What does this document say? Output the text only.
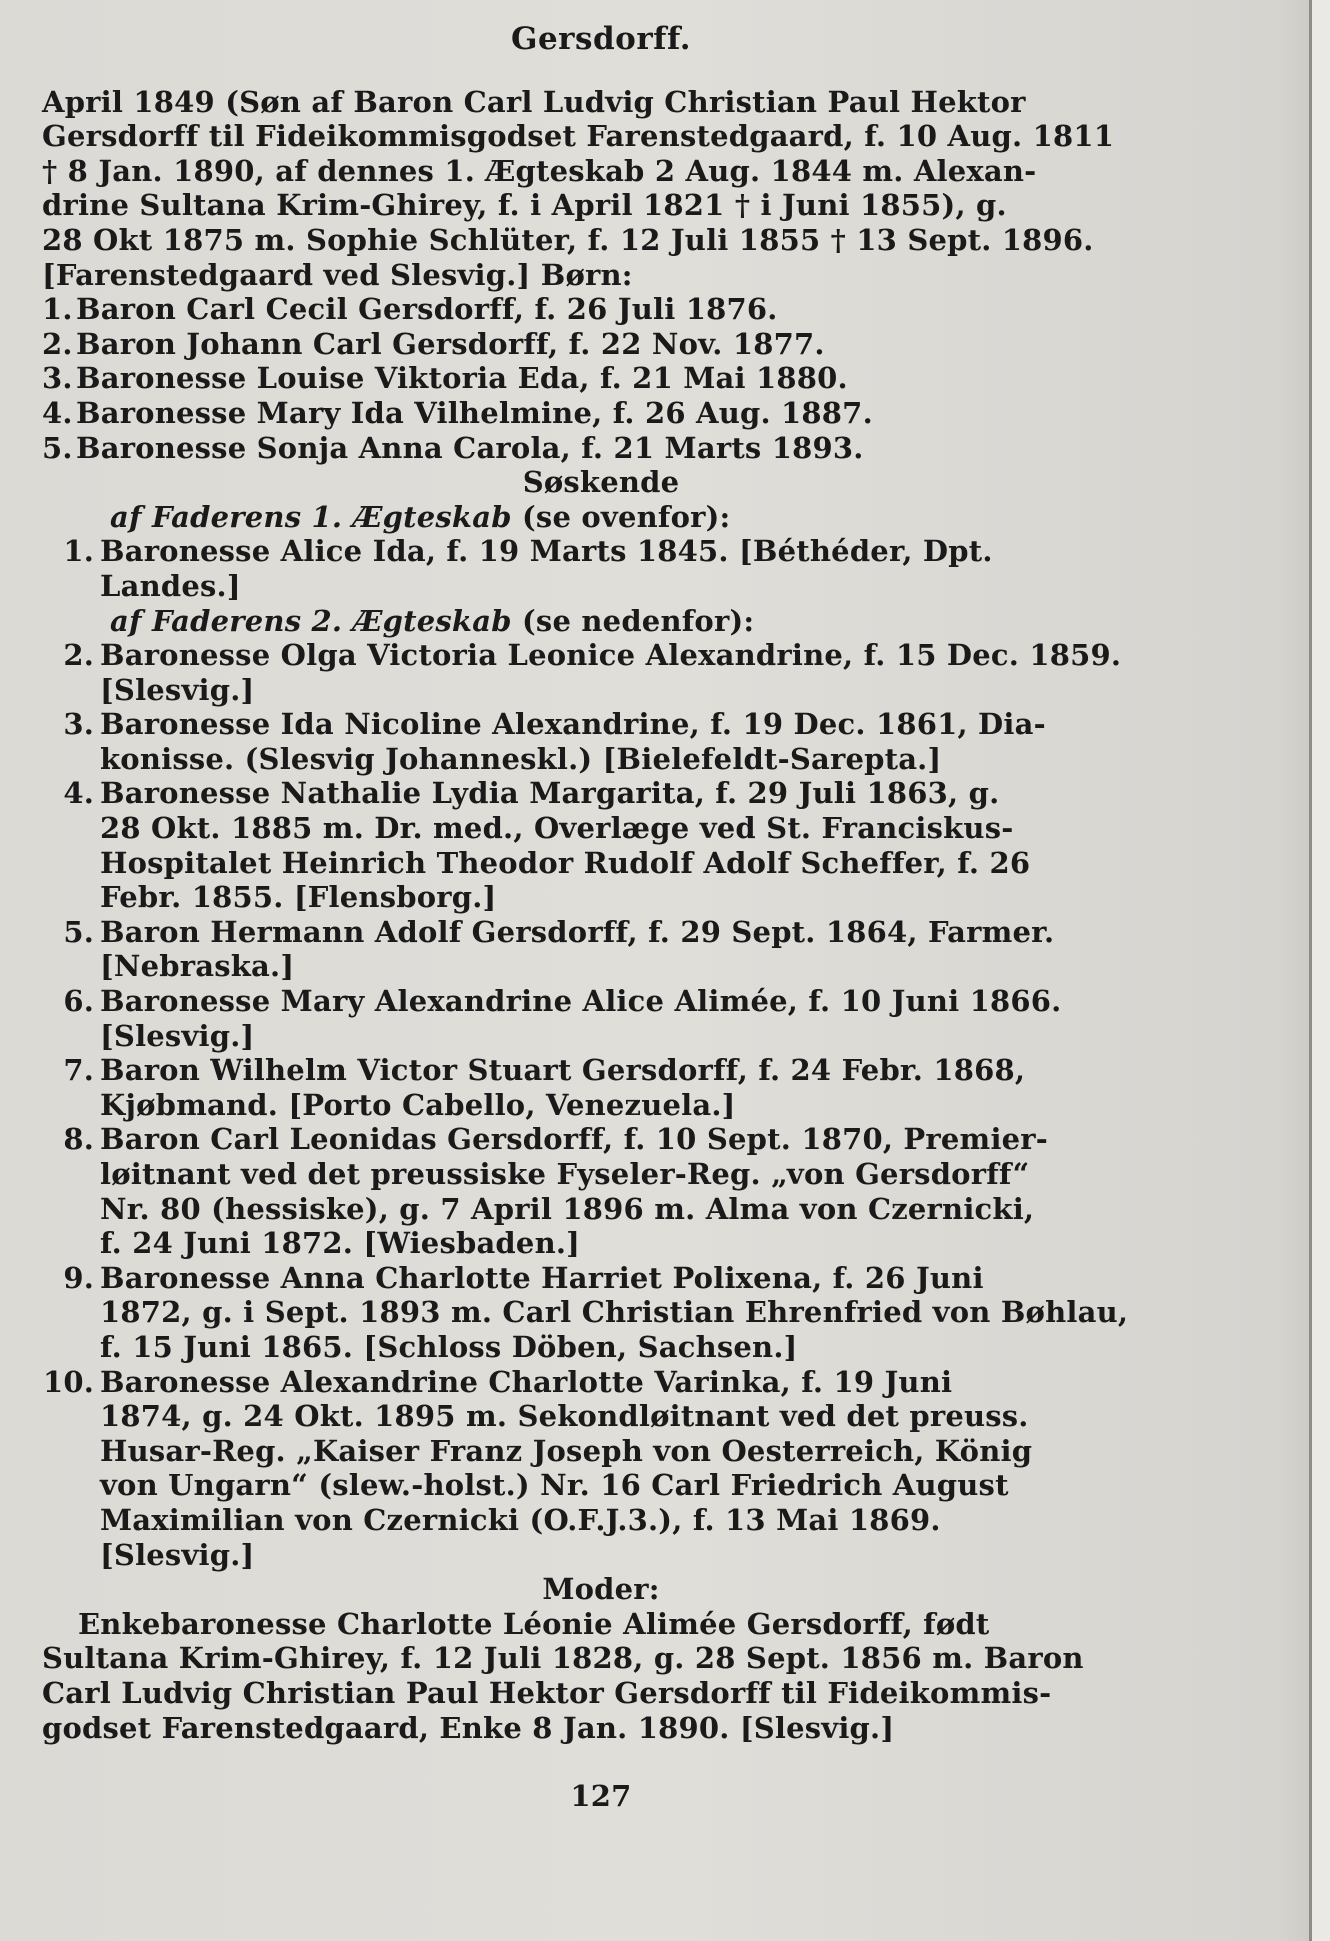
Gersdorff.
April 1849 (Søn af Baron Carl Ludvig Christian Paul Hektor
Gersdorff til Fideikommisgodset Farenstedgaard, f. 10 Aug. 1811
† 8 Jan. 1890, af dennes 1. Ægteskab 2 Aug. 1844 m. Alexan-
drine Sultana Krim-Ghirey, f. i April 1821 † i Juni 1855), g.
28 Okt 1875 m. Sophie Schlüter, f. 12 Juli 1855 † 13 Sept. 1896.
[Farenstedgaard ved Slesvig.] Børn:
1. Baron Carl Cecil Gersdorff, f. 26 Juli 1876.
2. Baron Johann Carl Gersdorff, f. 22 Nov. 1877.
3. Baronesse Louise Viktoria Eda, f. 21 Mai 1880.
4. Baronesse Mary Ida Vilhelmine, f. 26 Aug. 1887.
5. Baronesse Sonja Anna Carola, f. 21 Marts 1893.
Søskende
af Faderens 1. Ægteskab (se ovenfor):
1. Baronesse Alice Ida, f. 19 Marts 1845. [Béthéder, Dpt.
Landes.]
af Faderens 2. Ægteskab (se nedenfor):
2. Baronesse Olga Victoria Leonice Alexandrine, f. 15 Dec. 1859.
[Slesvig.]
3. Baronesse Ida Nicoline Alexandrine, f. 19 Dec. 1861, Dia-
konisse. (Slesvig Johanneskl.) [Bielefeldt-Sarepta.]
4. Baronesse Nathalie Lydia Margarita, f. 29 Juli 1863, g.
28 Okt. 1885 m. Dr. med., Overlæge ved St. Franciskus-
Hospitalet Heinrich Theodor Rudolf Adolf Scheffer, f. 26
Febr. 1855. [Flensborg.]
5. Baron Hermann Adolf Gersdorff, f. 29 Sept. 1864, Farmer.
[Nebraska.]
6. Baronesse Mary Alexandrine Alice Alimée, f. 10 Juni 1866.
[Slesvig.]
7. Baron Wilhelm Victor Stuart Gersdorff, f. 24 Febr. 1868,
Kjøbmand. [Porto Cabello, Venezuela.]
8. Baron Carl Leonidas Gersdorff, f. 10 Sept. 1870, Premier-
løitnant ved det preussiske Fyseler-Reg. „von Gersdorff“
Nr. 80 (hessiske), g. 7 April 1896 m. Alma von Czernicki,
f. 24 Juni 1872. [Wiesbaden.]
9. Baronesse Anna Charlotte Harriet Polixena, f. 26 Juni
1872, g. i Sept. 1893 m. Carl Christian Ehrenfried von Bøhlau,
f. 15 Juni 1865. [Schloss Döben, Sachsen.]
10. Baronesse Alexandrine Charlotte Varinka, f. 19 Juni
1874, g. 24 Okt. 1895 m. Sekondløitnant ved det preuss.
Husar-Reg. „Kaiser Franz Joseph von Oesterreich, König
von Ungarn“ (slew.-holst.) Nr. 16 Carl Friedrich August
Maximilian von Czernicki (O.F.J.3.), f. 13 Mai 1869.
[Slesvig.]
Moder:
Enkebaronesse Charlotte Léonie Alimée Gersdorff, født
Sultana Krim-Ghirey, f. 12 Juli 1828, g. 28 Sept. 1856 m. Baron
Carl Ludvig Christian Paul Hektor Gersdorff til Fideikommis-
godset Farenstedgaard, Enke 8 Jan. 1890. [Slesvig.]
127
